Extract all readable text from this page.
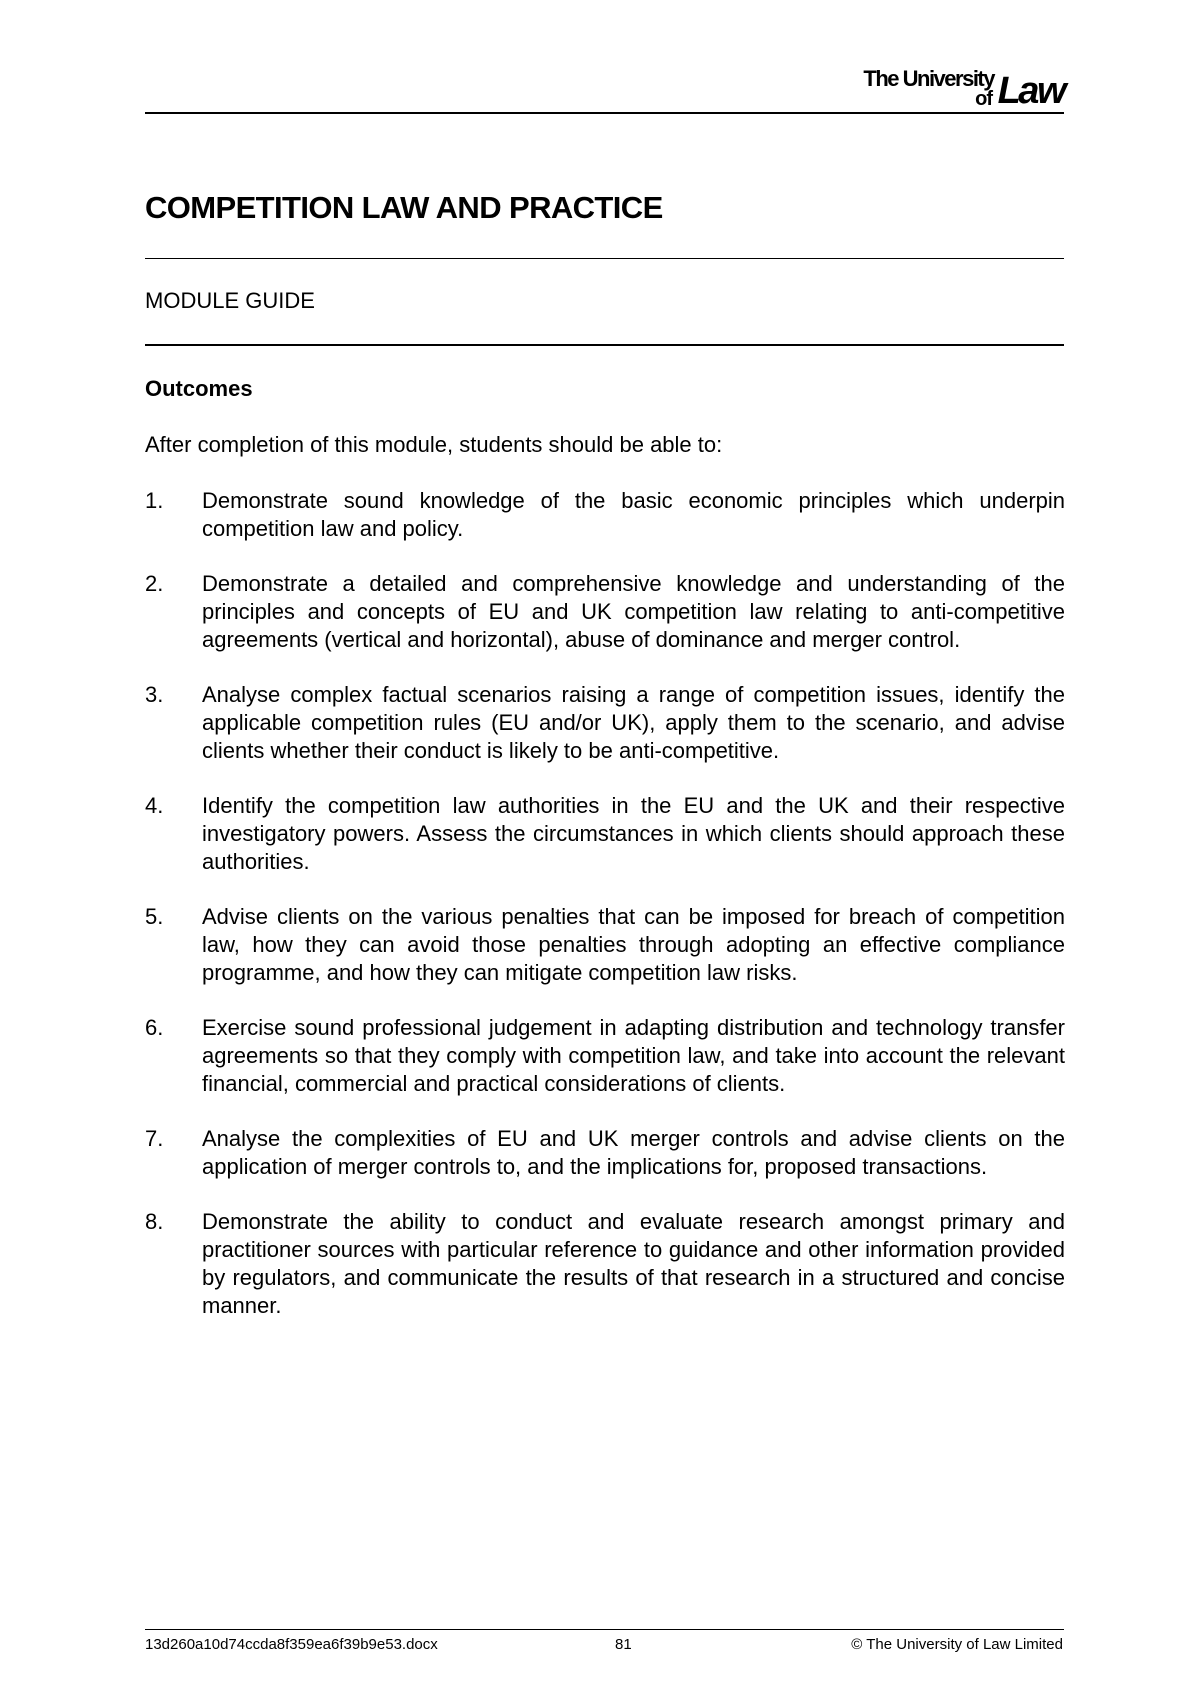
The University
of Law
COMPETITION LAW AND PRACTICE
MODULE GUIDE
Outcomes
After completion of this module, students should be able to:
1. Demonstrate sound knowledge of the basic economic principles which underpin competition law and policy.
2. Demonstrate a detailed and comprehensive knowledge and understanding of the principles and concepts of EU and UK competition law relating to anti-competitive agreements (vertical and horizontal), abuse of dominance and merger control.
3. Analyse complex factual scenarios raising a range of competition issues, identify the applicable competition rules (EU and/or UK), apply them to the scenario, and advise clients whether their conduct is likely to be anti-competitive.
4. Identify the competition law authorities in the EU and the UK and their respective investigatory powers. Assess the circumstances in which clients should approach these authorities.
5. Advise clients on the various penalties that can be imposed for breach of competition law, how they can avoid those penalties through adopting an effective compliance programme, and how they can mitigate competition law risks.
6. Exercise sound professional judgement in adapting distribution and technology transfer agreements so that they comply with competition law, and take into account the relevant financial, commercial and practical considerations of clients.
7. Analyse the complexities of EU and UK merger controls and advise clients on the application of merger controls to, and the implications for, proposed transactions.
8. Demonstrate the ability to conduct and evaluate research amongst primary and practitioner sources with particular reference to guidance and other information provided by regulators, and communicate the results of that research in a structured and concise manner.
13d260a10d74ccda8f359ea6f39b9e53.docx	81	© The University of Law Limited
